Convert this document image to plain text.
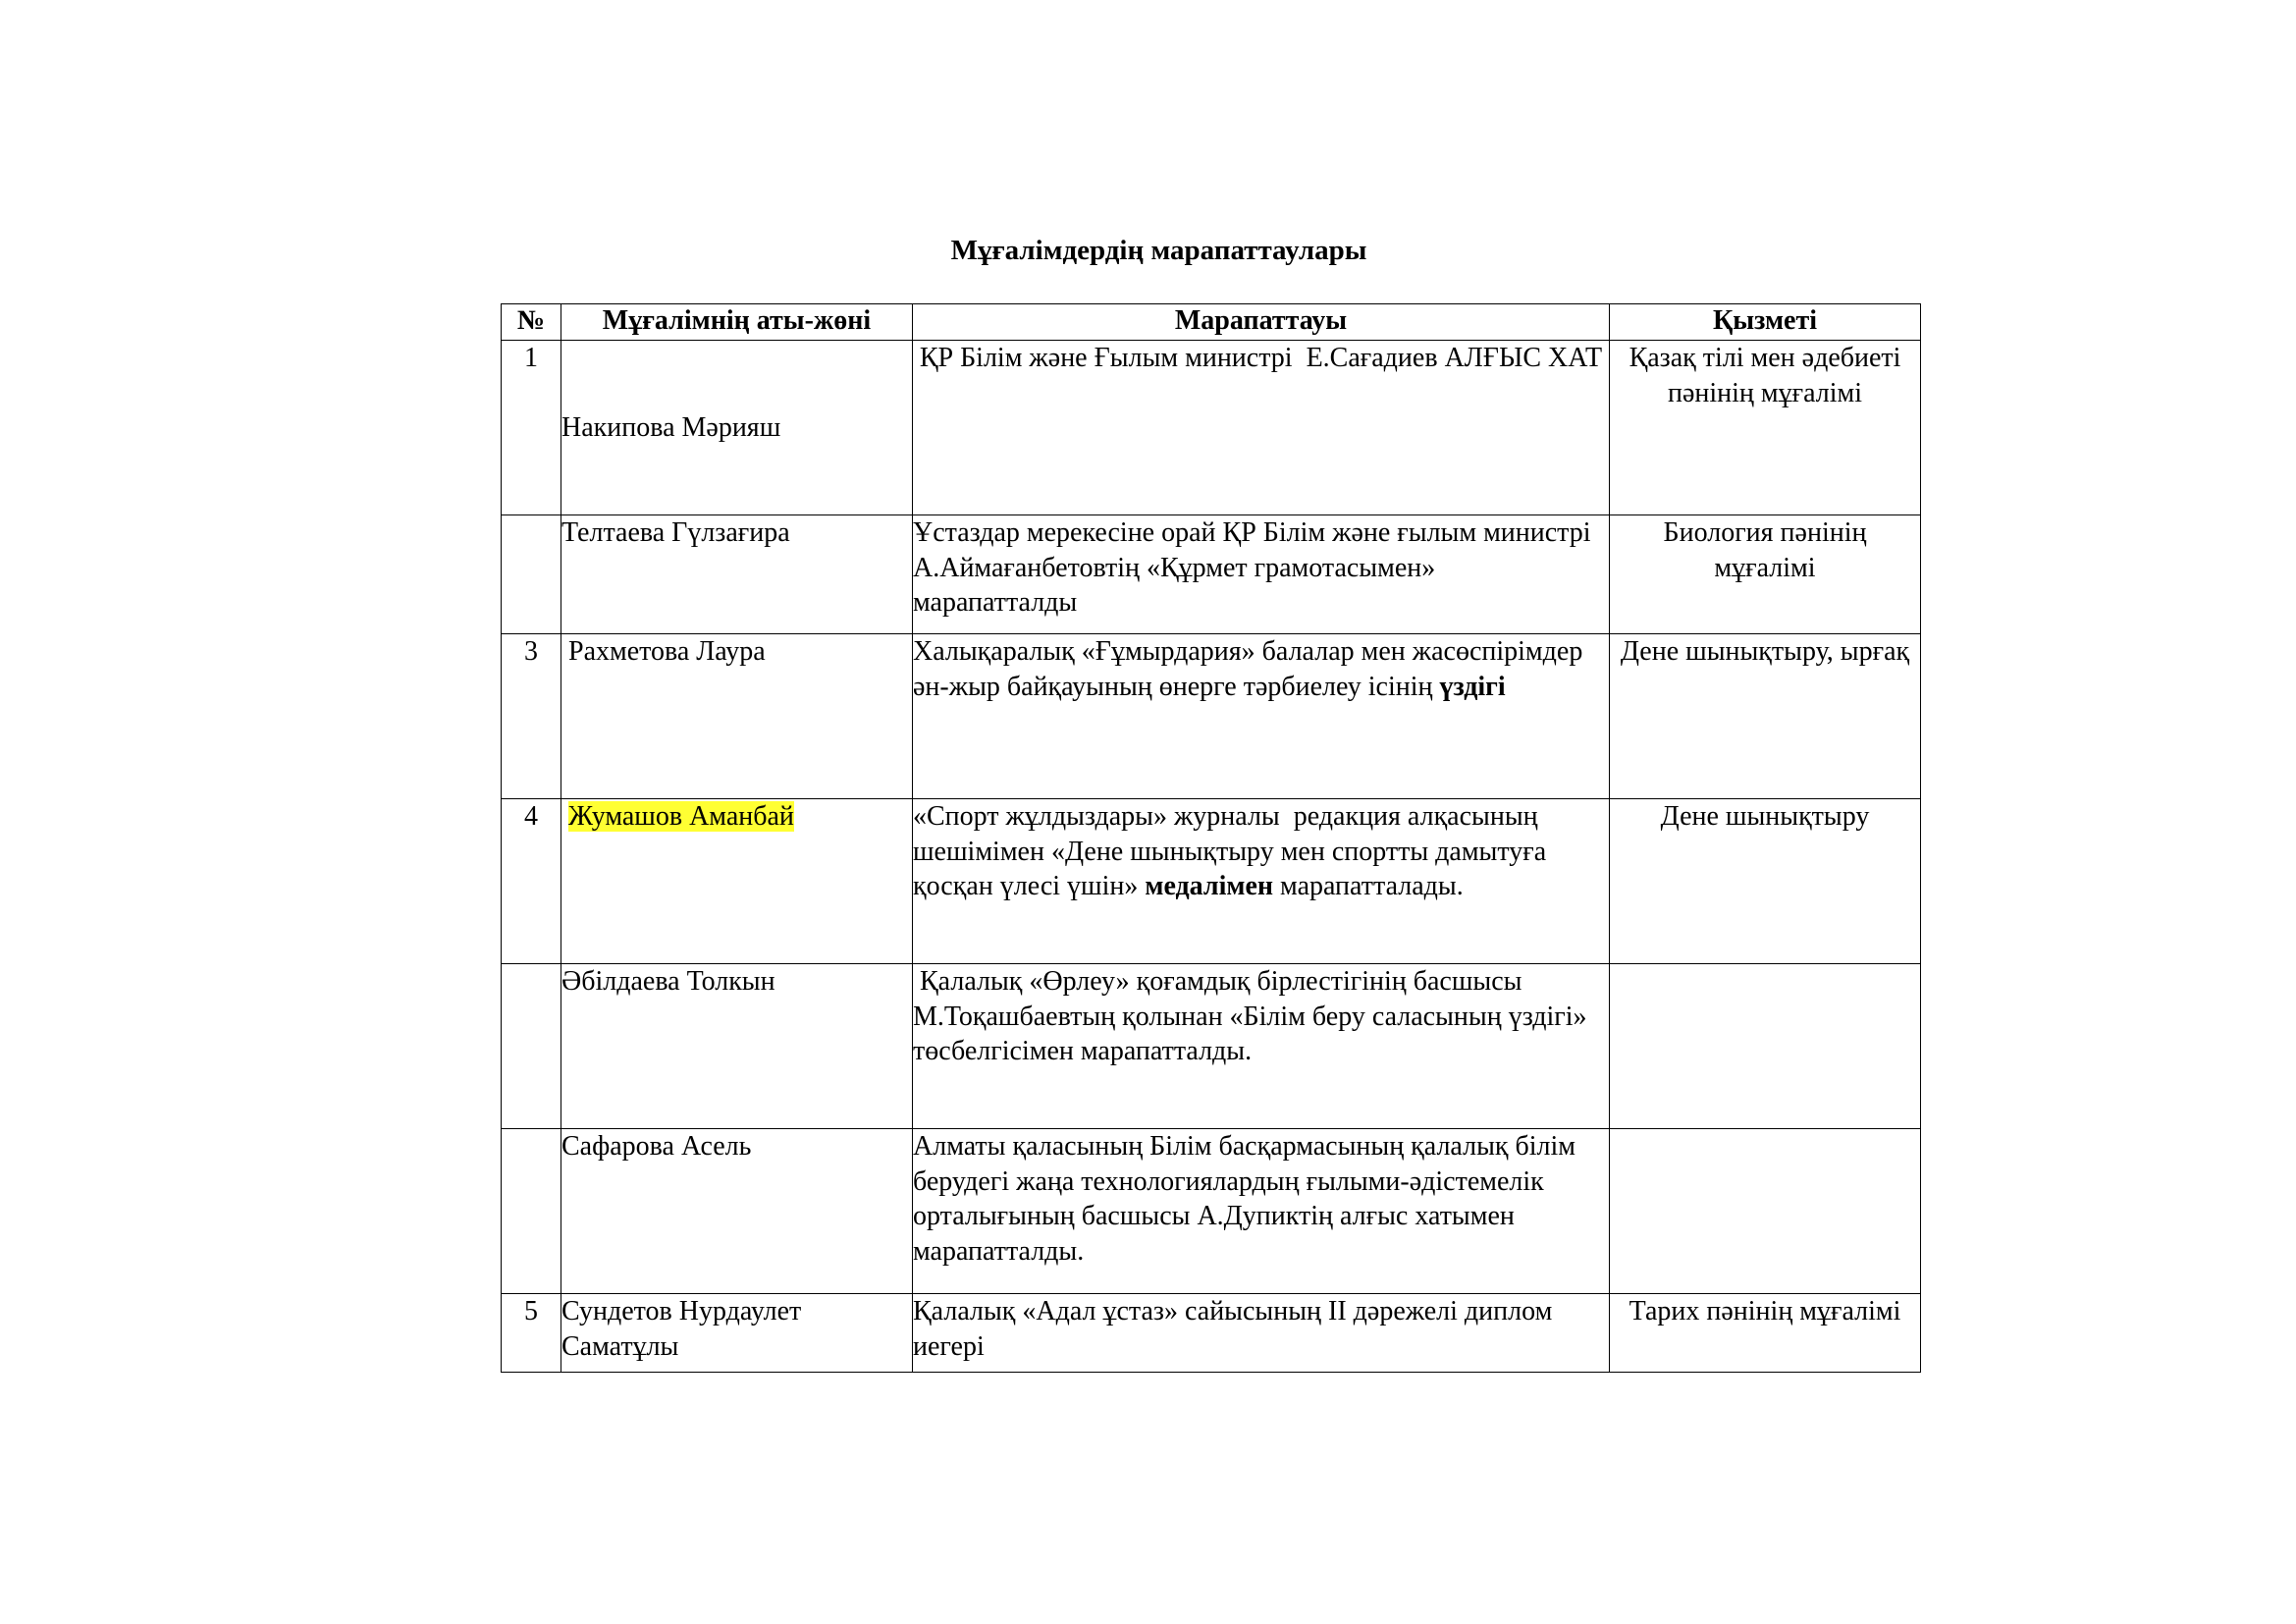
Мұғалімдердің марапаттаулары
№	Мұғалімнің аты-жөні	Марапаттауы	Қызметі
1	Накипова Мәрияш	ҚР Білім және Ғылым министрі  Е.Сағадиев АЛҒЫС ХАТ	Қазақ тілі мен әдебиеті пәнінің мұғалімі
	Телтаева Гүлзағира	Ұстаздар мерекесіне орай ҚР Білім және ғылым министрі А.Аймағанбетовтің «Құрмет грамотасымен»  марапатталды	Биология пәнінің мұғалімі
3	Рахметова Лаура	Халықаралық «Ғұмырдария» балалар мен жасөспірімдер ән-жыр байқауының өнерге тәрбиелеу ісінің үздігі	Дене шынықтыру, ырғақ
4	Жумашов Аманбай	«Спорт жұлдыздары» журналы  редакция алқасының шешімімен «Дене шынықтыру мен спортты дамытуға қосқан үлесі үшін» медалімен марапатталады.	Дене шынықтыру
	Әбілдаева Толкын	Қалалық «Өрлеу» қоғамдық бірлестігінің басшысы М.Тоқашбаевтың қолынан «Білім беру саласының үздігі» төсбелгісімен марапатталды.	
	Сафарова Асель	Алматы қаласының Білім басқармасының қалалық білім берудегі жаңа технологиялардың ғылыми-әдістемелік орталығының басшысы А.Дупиктің алғыс хатымен марапатталды.	
5	Сундетов Нурдаулет Саматұлы	Қалалық «Адал ұстаз» сайысының ІІ дәрежелі диплом иегері	Тарих пәнінің мұғалімі
